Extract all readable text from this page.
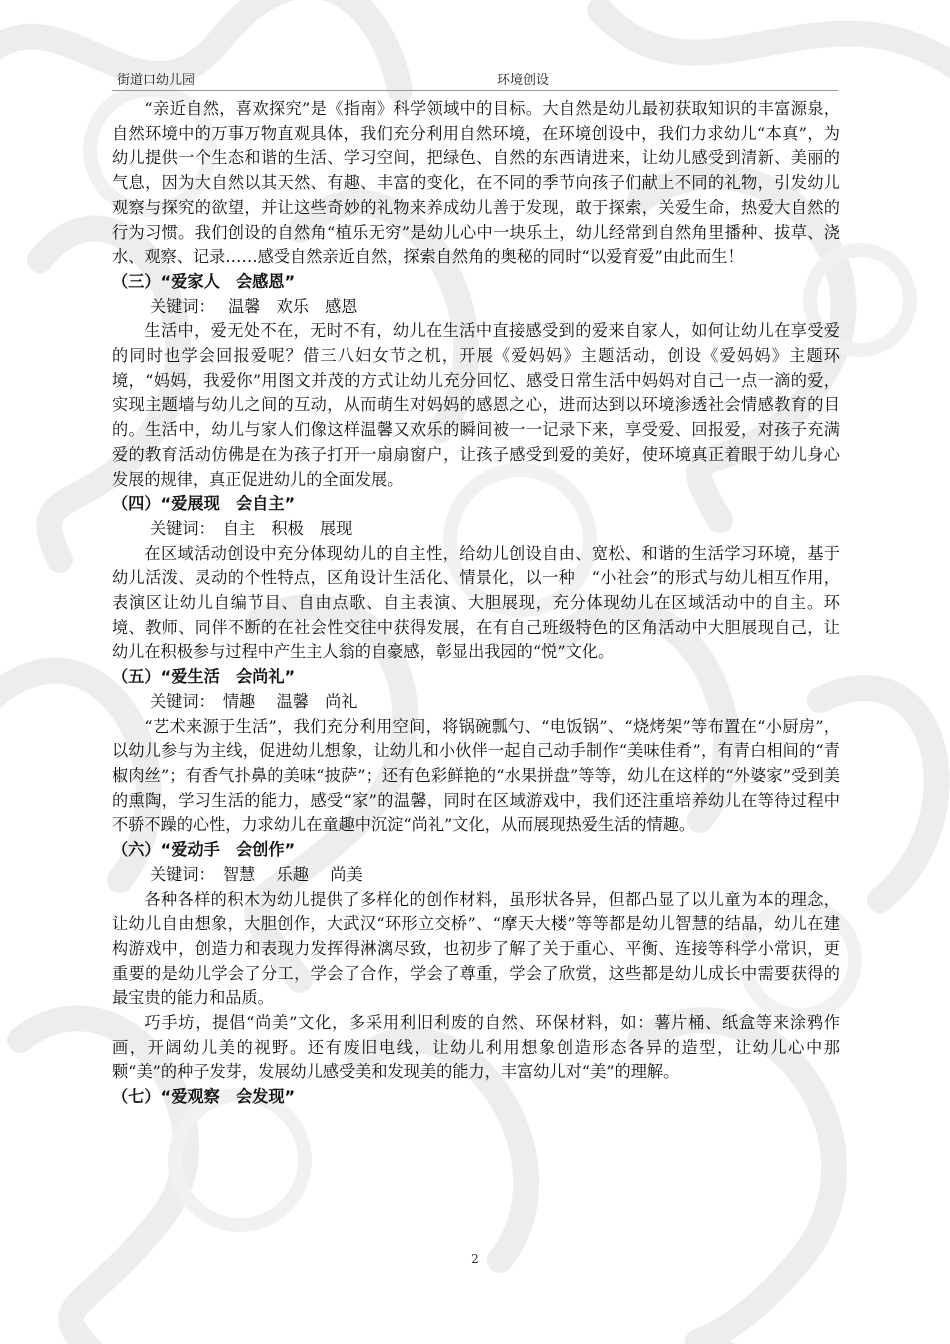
街道口幼儿园	环境创设

“亲近自然，喜欢探究”是《指南》科学领域中的目标。大自然是幼儿最初获取知识的丰富源泉，自然环境中的万事万物直观具体，我们充分利用自然环境，在环境创设中，我们力求幼儿“本真”，为幼儿提供一个生态和谐的生活、学习空间，把绿色、自然的东西请进来，让幼儿感受到清新、美丽的气息，因为大自然以其天然、有趣、丰富的变化，在不同的季节向孩子们献上不同的礼物，引发幼儿观察与探究的欲望，并让这些奇妙的礼物来养成幼儿善于发现，敢于探索，关爱生命，热爱大自然的行为习惯。我们创设的自然角“植乐无穷”是幼儿心中一块乐土，幼儿经常到自然角里播种、拔草、浇水、观察、记录……感受自然亲近自然，探索自然角的奥秘的同时“以爱育爱”由此而生！

（三）“爱家人　会感恩”

关键词：　 温馨　欢乐　感恩

生活中，爱无处不在，无时不有，幼儿在生活中直接感受到的爱来自家人，如何让幼儿在享受爱的同时也学会回报爱呢？借三八妇女节之机，开展《爱妈妈》主题活动，创设《爱妈妈》主题环境，“妈妈，我爱你”用图文并茂的方式让幼儿充分回忆、感受日常生活中妈妈对自己一点一滴的爱，实现主题墙与幼儿之间的互动，从而萌生对妈妈的感恩之心，进而达到以环境渗透社会情感教育的目的。生活中，幼儿与家人们像这样温馨又欢乐的瞬间被一一记录下来，享受爱、回报爱，对孩子充满爱的教育活动仿佛是在为孩子打开一扇扇窗户，让孩子感受到爱的美好，使环境真正着眼于幼儿身心发展的规律，真正促进幼儿的全面发展。

（四）“爱展现　会自主”

关键词：　自主　积极　展现

在区域活动创设中充分体现幼儿的自主性，给幼儿创设自由、宽松、和谐的生活学习环境，基于幼儿活泼、灵动的个性特点，区角设计生活化、情景化，以一种　“小社会”的形式与幼儿相互作用，表演区让幼儿自编节目、自由点歌、自主表演、大胆展现，充分体现幼儿在区域活动中的自主。环境、教师、同伴不断的在社会性交往中获得发展，在有自己班级特色的区角活动中大胆展现自己，让幼儿在积极参与过程中产生主人翁的自豪感，彰显出我园的“悦”文化。

（五）“爱生活　会尚礼”

关键词：　情趣　 温馨　尚礼

“艺术来源于生活”，我们充分利用空间，将锅碗瓢勺、“电饭锅”、“烧烤架”等布置在“小厨房”，以幼儿参与为主线，促进幼儿想象，让幼儿和小伙伴一起自己动手制作“美味佳肴”，有青白相间的“青椒肉丝”；有香气扑鼻的美味“披萨”；还有色彩鲜艳的“水果拼盘”等等，幼儿在这样的“外婆家”受到美的熏陶，学习生活的能力，感受“家”的温馨，同时在区域游戏中，我们还注重培养幼儿在等待过程中不骄不躁的心性，力求幼儿在童趣中沉淀“尚礼”文化，从而展现热爱生活的情趣。

（六）“爱动手　会创作”

关键词：　智慧　 乐趣　 尚美

各种各样的积木为幼儿提供了多样化的创作材料，虽形状各异，但都凸显了以儿童为本的理念，让幼儿自由想象，大胆创作，大武汉“环形立交桥”、“摩天大楼”等等都是幼儿智慧的结晶，幼儿在建构游戏中，创造力和表现力发挥得淋漓尽致，也初步了解了关于重心、平衡、连接等科学小常识，更重要的是幼儿学会了分工，学会了合作，学会了尊重，学会了欣赏，这些都是幼儿成长中需要获得的最宝贵的能力和品质。

巧手坊，提倡“尚美”文化，多采用利旧利废的自然、环保材料，如：薯片桶、纸盒等来涂鸦作画，开阔幼儿美的视野。还有废旧电线，让幼儿利用想象创造形态各异的造型，让幼儿心中那颗“美”的种子发芽，发展幼儿感受美和发现美的能力，丰富幼儿对“美”的理解。

（七）“爱观察　会发现”

2
